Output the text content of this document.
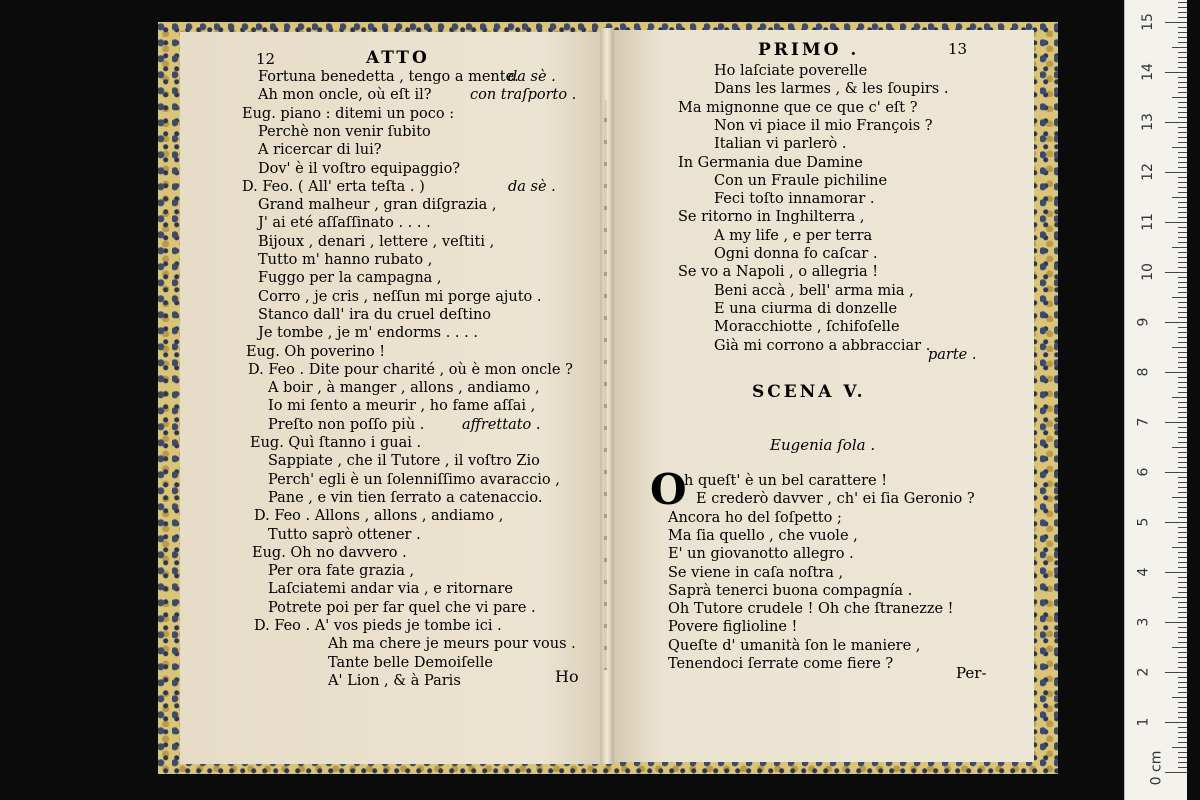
12	ATTO
Ho
Fortuna benedetta , tengo a mente.
da sè .
Ah mon oncle, où eſt il?	con traſporto .
Eug. piano : ditemi un poco :
Perchè non venir ſubito
A ricercar di lui?
Dov' è il voſtro equipaggio?
D. Feo. ( All' erta teſta . )	da sè .
Grand malheur , gran diſgrazia ,
J' ai eté aſſaſſinato . . . .
Bijoux , denari , lettere , veſtiti ,
Tutto m' hanno rubato ,
Fuggo per la campagna ,
Corro , je cris , neſſun mi porge ajuto .
Stanco dall' ira du cruel deſtino
Je tombe , je m' endorms . . . .
Eug. Oh poverino !
D. Feo . Dite pour charité , où è mon oncle ?
A boir , à manger , allons , andiamo ,
Io mi ſento a meurir , ho fame aſſai ,
Preſto non poſſo più .	affrettato .
Eug. Quì ſtanno i guai .
Sappiate , che il Tutore , il voſtro Zio
Perch' egli è un ſolenniſſimo avaraccio ,
Pane , e vin tien ſerrato a catenaccio.
D. Feo . Allons , allons , andiamo ,
Tutto saprò ottener .
Eug. Oh no davvero .
Per ora fate grazia ,
Laſciatemi andar via , e ritornare
Potrete poi per far quel che vi pare .
D. Feo . A' vos pieds je tombe ici .
Ah ma chere je meurs pour vous .
Tante belle Demoiſelle
A' Lion , & à Paris
PRIMO .	13
parte .
SCENA V.
Eugenia ſola .
O
Per-
Ho laſciate poverelle
Dans les larmes , & les ſoupirs .
Ma mignonne que ce que c' eſt ?
Non vi piace il mio François ?
Italian vi parlerò .
In Germania due Damine
Con un Fraule pichiline
Feci toſto innamorar .
Se ritorno in Inghilterra ,
A my life , e per terra
Ogni donna fo caſcar .
Se vo a Napoli , o allegria !
Beni accà , bell' arma mia ,
E una ciurma di donzelle
Moracchiotte , ſchifoſelle
Già mi corrono a abbracciar .
h queſt' è un bel carattere !
E crederò davver , ch' ei ſia Geronio ?
Ancora ho del ſoſpetto ;
Ma ſia quello , che vuole ,
E' un giovanotto allegro .
Se viene in caſa noſtra ,
Saprà tenerci buona compagnía .
Oh Tutore crudele ! Oh che ſtranezze !
Povere figlioline !
Queſte d' umanità ſon le maniere ,
Tenendoci ſerrate come fiere ?
0 cm
1
2
3
4
5
6
7
8
9
10
11
12
13
14
15
